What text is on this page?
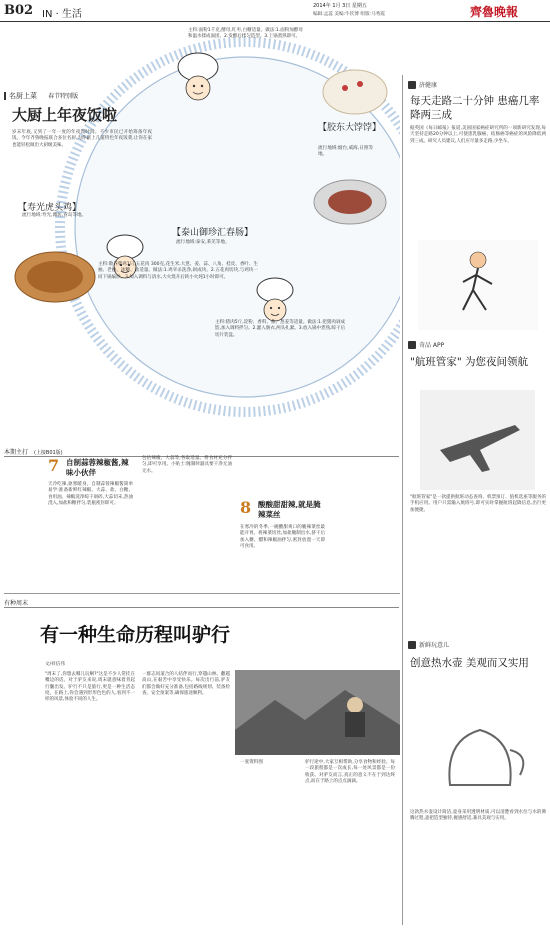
B02 IN · 生活
2014年 1月 3日 星期五
编辑:孟蕊 美编:牛钦博 组版:马秀霞	齊魯晚報
名厨上菜 春节特别版
大厨上年夜饭啦
岁末年底,又到了一年一度的年夜饭时间。不少市民已开始筹备年夜饭。今年齐鲁晚报联合多位名厨,为你献上几道特色年夜饭菜,让你在家也能轻松做出大厨级美味。
【寿光虎头鸡】
流行地域:寿光,潍坊,青岛等地。
主料:散养柴鸡1只,五花肉 300克,花生米,大葱、姜、蒜、八角、桂皮、香叶、生抽、老抽、冰糖、盐适量。做法:1.鸡宰杀洗净,剁成块。2.五花肉切块,与鸡块一同下锅煸炒。3.加入调料与清水,大火烧开后转小火炖1小时即可。
主料:面粉1千克,酵母,红枣,白糖适量。做法:1.面粉加酵母和温水揉成面团。2.发酵后揉匀造型。3.上锅蒸熟即可。
【胶东大饽饽】
流行地域:烟台,威海,日照等地。
【泰山御珍汇春肠】
流行地域:泰安,莱芜等地。
主料:猪肉5斤,淀粉、香料、盐、葱姜等适量。做法:1.把猪肉剁成馅,加入调料拌匀。2.灌入肠衣,两头扎紧。3.放入锅中煮熟,晾干后切片装盘。
本期主打 (上接B01版)
7 自制蒜蓉辣椒酱,辣味小伙伴
天冷吃辣,驱寒暖身。自制蒜蓉辣椒酱简单易学:准备新鲜红辣椒、大蒜、盐、白糖、食用油。辣椒洗净晾干剁碎,大蒜切末,热油浇入,加盐和糖拌匀,装瓶密封即可。
包括辣椒、大蒜等,各取适量。将食材充分拌匀,即可享用。小贴士:腌制时器具要干净无油无水。
8 酸酸甜甜辣,就是腌辣菜丝
在寒冷的冬季,一碗酸甜爽口的腌辣菜丝最能开胃。将辣菜切丝,加盐腌制出水,挤干后加入糖、醋和辣椒油拌匀,密封放置一天即可食用。
有种周末
有一种生命历程叫驴行
文/祥信伟
"周末了,你想去哪儿玩啊?"这是不少人常挂在嘴边的话。对于驴友来说,周末就意味着背起行囊出发。驴行不只是旅行,更是一种生活态度。在路上,你会遇到形形色色的人,看到不一样的风景,体验不同的人生。
一群志同道合的人结伴而行,穿越山林、翻越高山,在艰苦中享受快乐。每次出行前,驴友们都会做好充分准备,包括路线规划、装备检查、安全预案等,确保旅途顺利。
驴行途中,大家互相帮助,分享食物和经验。每一段旅程都是一次成长,每一处风景都是一份收获。对驴友而言,真正的意义不在于到达终点,而在于路上的点点滴滴。
一张资料图
济健康
每天走路二十分钟 患癌几率降两三成
据英国《每日邮报》报道,美国国家癌症研究所的一项新研究发现,每天坚持走路20分钟以上,可使患乳腺癌、结肠癌等癌症的风险降低两到三成。研究人员建议,人们应尽量多走路,少坐车。
奇品 APP
"航班管家" 为您夜间领航
"航班管家"是一款提供航班动态查询、机票预订、值机选座等服务的手机应用。用户只需输入航班号,即可实时掌握航班起降信息,出行更加便捷。
新鲜玩意儿
创意热水壶 美观而又实用
这款热水壶设计简洁,壶身采用透明材质,可以清楚看到水位与水的沸腾过程,壶把造型独特,握感舒适,兼具美观与实用。
